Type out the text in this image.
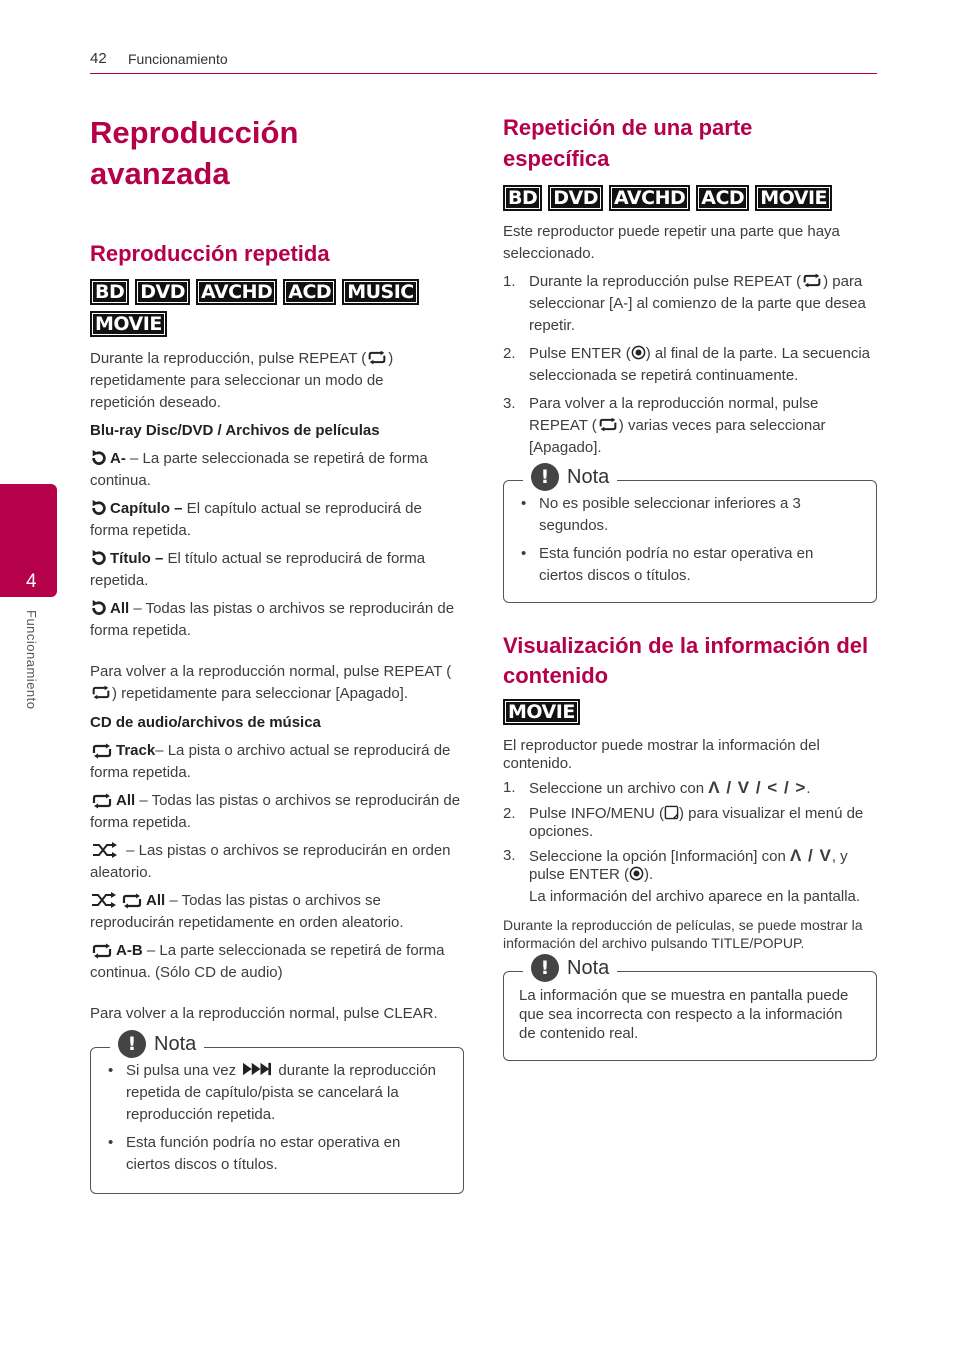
42 Funcionamiento
4
Funcionamiento
Reproducción avanzada
Reproducción repetida
BD DVD AVCHD ACD MUSIC
MOVIE
Durante la reproducción, pulse REPEAT ( ) repetidamente para seleccionar un modo de repetición deseado.
Blu-ray Disc/DVD / Archivos de películas
A- – La parte seleccionada se repetirá de forma continua.
Capítulo – El capítulo actual se reproducirá de forma repetida.
Título – El título actual se reproducirá de forma repetida.
All – Todas las pistas o archivos se reproducirán de forma repetida.
Para volver a la reproducción normal, pulse REPEAT () repetidamente para seleccionar [Apagado].
CD de audio/archivos de música
Track– La pista o archivo actual se reproducirá de forma repetida.
All – Todas las pistas o archivos se reproducirán de forma repetida.
– Las pistas o archivos se reproducirán en orden aleatorio.
All – Todas las pistas o archivos se reproducirán repetidamente en orden aleatorio.
A-B – La parte seleccionada se repetirá de forma continua. (Sólo CD de audio)
Para volver a la reproducción normal, pulse CLEAR.
! Nota
• Si pulsa una vez  durante la reproducción repetida de capítulo/pista se cancelará la reproducción repetida.
• Esta función podría no estar operativa en ciertos discos o títulos.
Repetición de una parte específica
BD DVD AVCHD ACD MOVIE
Este reproductor puede repetir una parte que haya seleccionado.
1. Durante la reproducción pulse REPEAT ( ) para seleccionar [A-] al comienzo de la parte que desea repetir.
2. Pulse ENTER ( ) al final de la parte. La secuencia seleccionada se repetirá continuamente.
3. Para volver a la reproducción normal, pulse REPEAT ( ) varias veces para seleccionar [Apagado].
! Nota
• No es posible seleccionar inferiores a 3 segundos.
• Esta función podría no estar operativa en ciertos discos o títulos.
Visualización de la información del contenido
MOVIE
El reproductor puede mostrar la información del contenido.
1. Seleccione un archivo con Λ / V / < / >.
2. Pulse INFO/MENU ( ) para visualizar el menú de opciones.
3. Seleccione la opción [Información] con Λ / V, y pulse ENTER ( ).
La información del archivo aparece en la pantalla.
Durante la reproducción de películas, se puede mostrar la información del archivo pulsando TITLE/POPUP.
! Nota
La información que se muestra en pantalla puede que sea incorrecta con respecto a la información de contenido real.
